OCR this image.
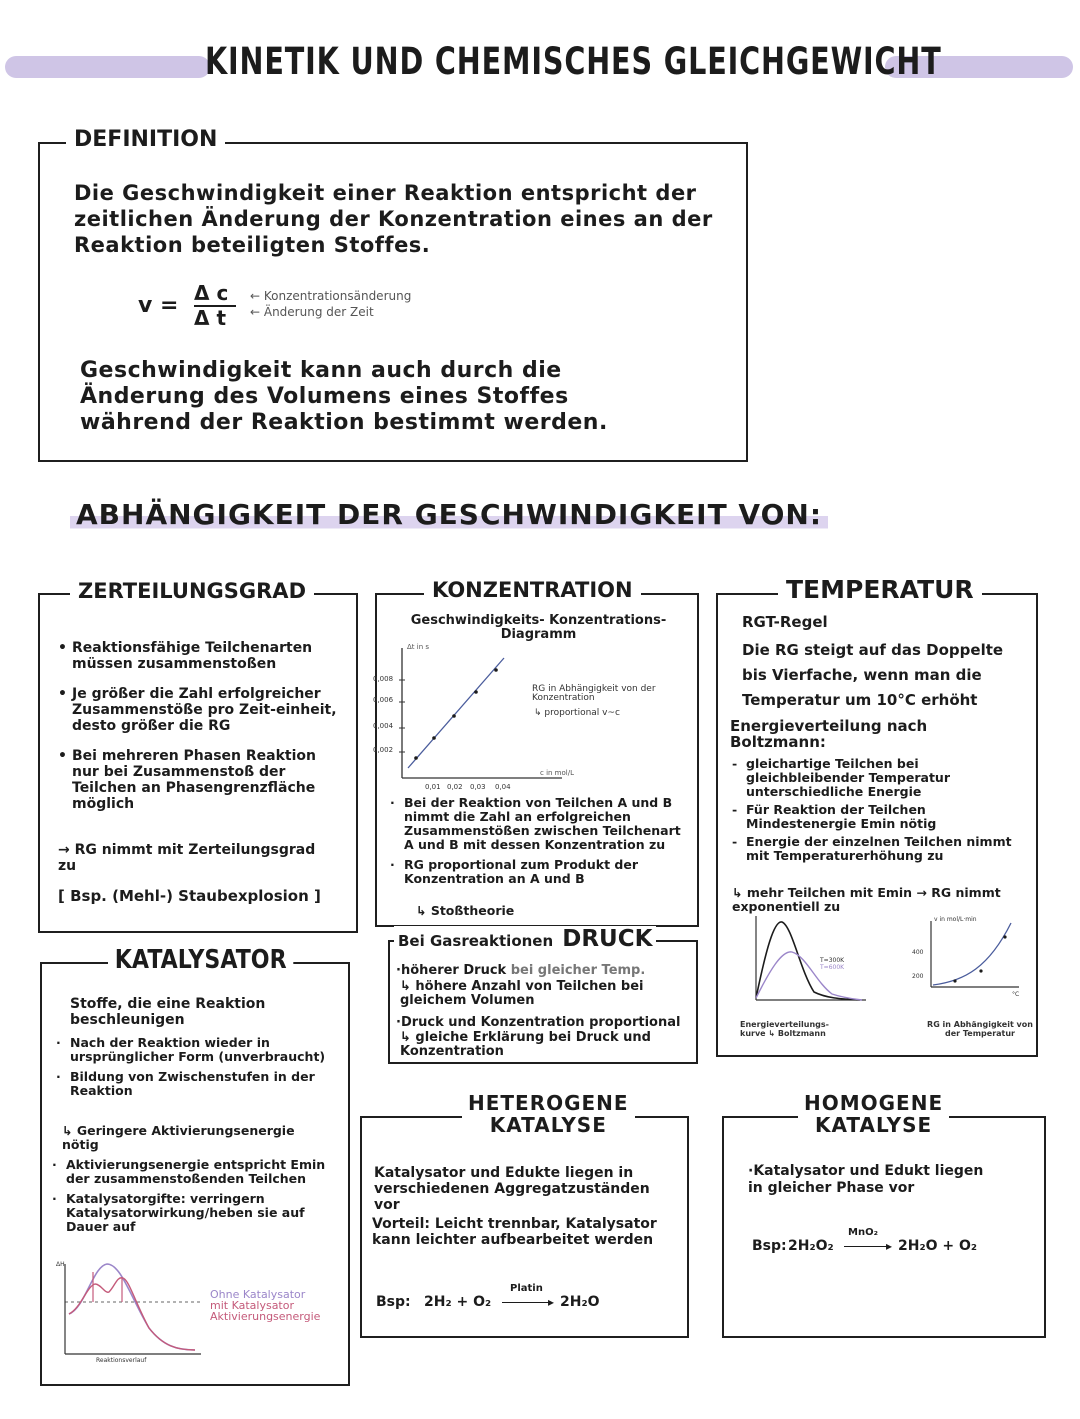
KINETIK UND CHEMISCHES GLEICHGEWICHT
DEFINITION
Die Geschwindigkeit einer Reaktion entspricht der zeitlichen Änderung der Konzentration eines an der Reaktion beteiligten Stoffes.
v = Δ c
Δ t
← Konzentrationsänderung
← Änderung der Zeit
Geschwindigkeit kann auch durch die Änderung des Volumens eines Stoffes während der Reaktion bestimmt werden.
ABHÄNGIGKEIT DER GESCHWINDIGKEIT VON:
ZERTEILUNGSGRAD
• Reaktionsfähige Teilchenarten müssen zusammenstoßen
• Je größer die Zahl erfolgreicher Zusammenstöße pro Zeit-einheit, desto größer die RG
• Bei mehreren Phasen Reaktion nur bei Zusammenstoß der Teilchen an Phasengrenzfläche möglich
→ RG nimmt mit Zerteilungsgrad zu
[ Bsp. (Mehl-) Staubexplosion ]
KONZENTRATION
Geschwindigkeits- Konzentrations-Diagramm
Δt in s
c in mol/L
0,008
0,006
0,004
0,002
0,01 0,02 0,03 0,04
RG in Abhängigkeit von der Konzentration
↳ proportional v~c
· Bei der Reaktion von Teilchen A und B nimmt die Zahl an erfolgreichen Zusammenstößen zwischen Teilchenart A und B mit dessen Konzentration zu
· RG proportional zum Produkt der Konzentration an A und B
↳ Stoßtheorie
Bei Gasreaktionen DRUCK
·höherer Druck bei gleicher Temp.
↳ höhere Anzahl von Teilchen bei gleichem Volumen
·Druck und Konzentration proportional
↳ gleiche Erklärung bei Druck und Konzentration
TEMPERATUR
RGT-Regel
Die RG steigt auf das Doppelte bis Vierfache, wenn man die Temperatur um 10°C erhöht
Energieverteilung nach Boltzmann:
- gleichartige Teilchen bei gleichbleibender Temperatur unterschiedliche Energie
- Für Reaktion der Teilchen Mindestenergie Emin nötig
- Energie der einzelnen Teilchen nimmt mit Temperaturerhöhung zu
↳ mehr Teilchen mit Emin → RG nimmt exponentiell zu
T=300K
T=600K
Energieverteilungs-kurve ↳ Boltzmann
v in mol/L·min
400
200
°C
RG in Abhängigkeit von der Temperatur
KATALYSATOR
Stoffe, die eine Reaktion beschleunigen
· Nach der Reaktion wieder in ursprünglicher Form (unverbraucht)
· Bildung von Zwischenstufen in der Reaktion
↳ Geringere Aktivierungsenergie nötig
· Aktivierungsenergie entspricht Emin der zusammenstoßenden Teilchen
· Katalysatorgifte: verringern Katalysatorwirkung/heben sie auf Dauer auf
ΔH
Reaktionsverlauf
Ohne Katalysator
mit Katalysator
Aktivierungsenergie
HETEROGENE
KATALYSE
Katalysator und Edukte liegen in verschiedenen Aggregatzuständen vor
Vorteil: Leicht trennbar, Katalysator kann leichter aufbearbeitet werden
Bsp: 2H₂ + O₂
Platin
▸ 2H₂O
HOMOGENE
KATALYSE
·Katalysator und Edukt liegen in gleicher Phase vor
Bsp: 2H₂O₂
MnO₂
▸ 2H₂O + O₂
